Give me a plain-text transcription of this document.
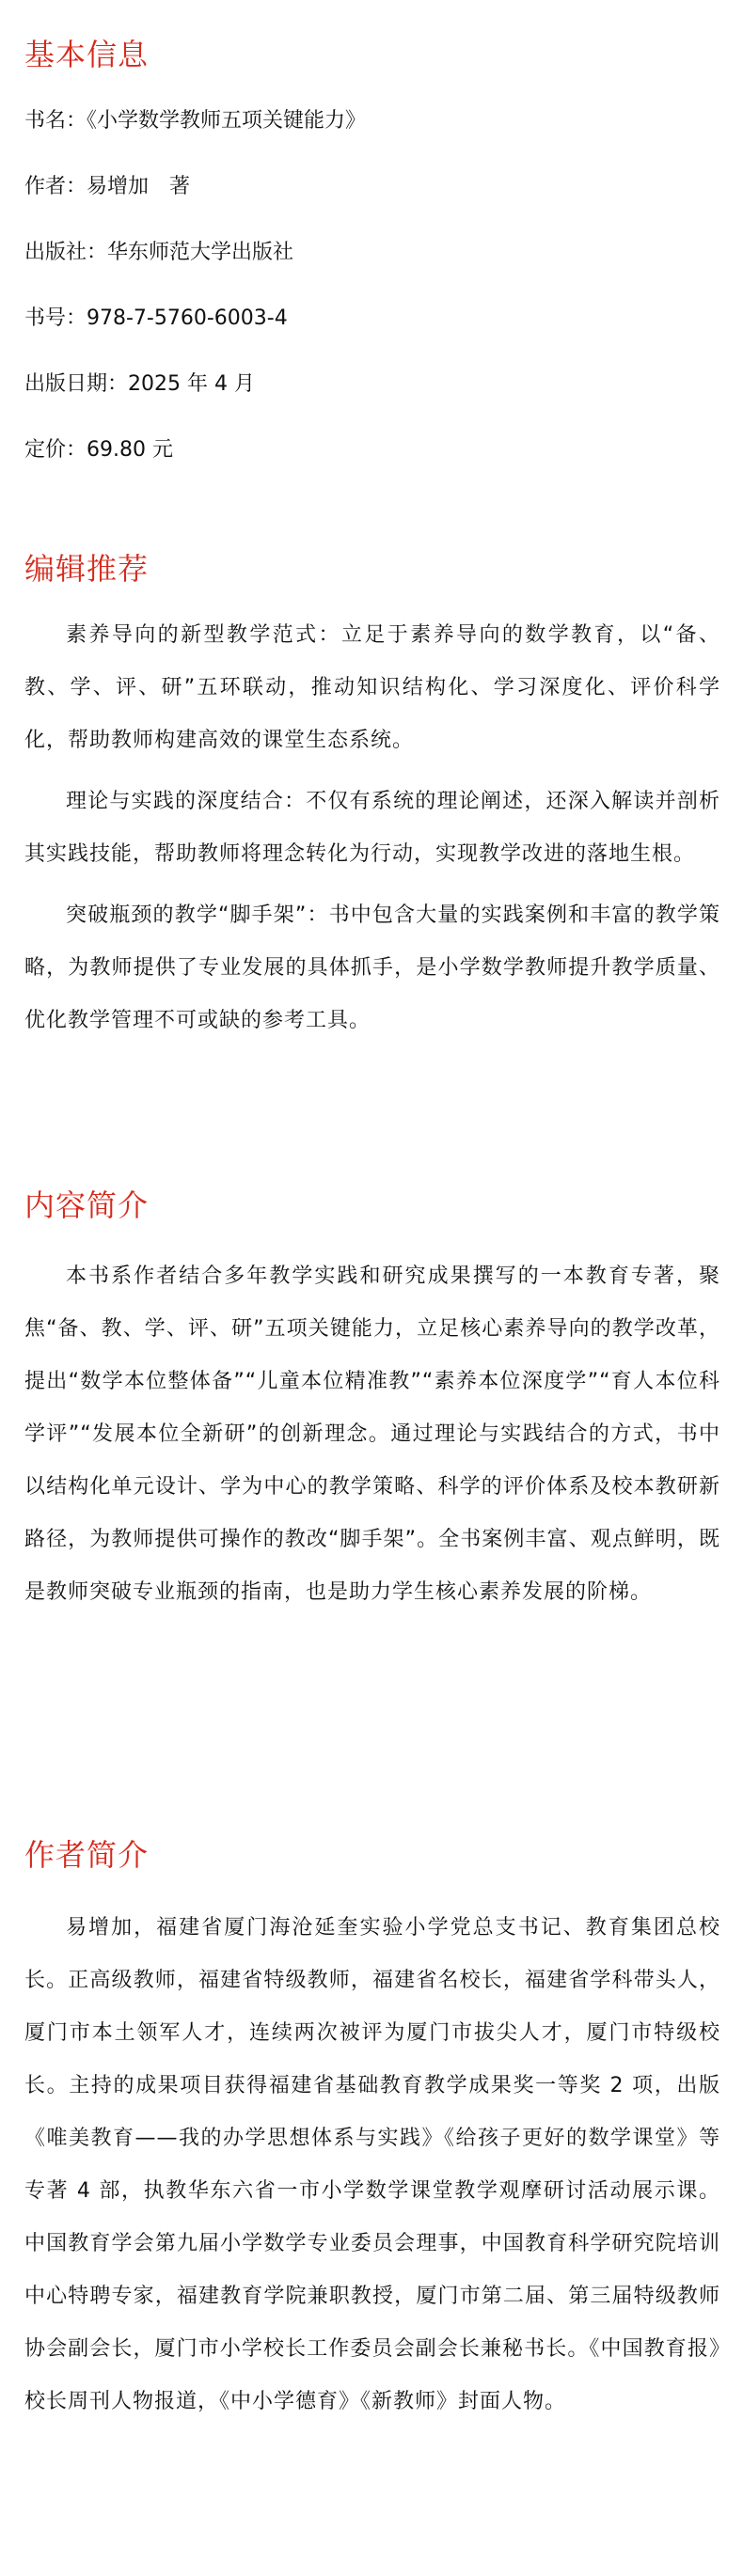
基本信息

书名：《小学数学教师五项关键能力》

作者：易增加　著

出版社：华东师范大学出版社

书号：978-7-5760-6003-4

出版日期：2025 年 4 月

定价：69.80 元

编辑推荐

素养导向的新型教学范式：立足于素养导向的数学教育，以“备、教、学、评、研”五环联动，推动知识结构化、学习深度化、评价科学化，帮助教师构建高效的课堂生态系统。

理论与实践的深度结合：不仅有系统的理论阐述，还深入解读并剖析其实践技能，帮助教师将理念转化为行动，实现教学改进的落地生根。

突破瓶颈的教学“脚手架”：书中包含大量的实践案例和丰富的教学策略，为教师提供了专业发展的具体抓手，是小学数学教师提升教学质量、优化教学管理不可或缺的参考工具。

内容简介

本书系作者结合多年教学实践和研究成果撰写的一本教育专著，聚焦“备、教、学、评、研”五项关键能力，立足核心素养导向的教学改革，提出“数学本位整体备”“儿童本位精准教”“素养本位深度学”“育人本位科学评”“发展本位全新研”的创新理念。通过理论与实践结合的方式，书中以结构化单元设计、学为中心的教学策略、科学的评价体系及校本教研新路径，为教师提供可操作的教改“脚手架”。全书案例丰富、观点鲜明，既是教师突破专业瓶颈的指南，也是助力学生核心素养发展的阶梯。

作者简介

易增加，福建省厦门海沧延奎实验小学党总支书记、教育集团总校长。正高级教师，福建省特级教师，福建省名校长，福建省学科带头人，厦门市本土领军人才，连续两次被评为厦门市拔尖人才，厦门市特级校长。主持的成果项目获得福建省基础教育教学成果奖一等奖 2 项，出版《唯美教育——我的办学思想体系与实践》《给孩子更好的数学课堂》等专著 4 部，执教华东六省一市小学数学课堂教学观摩研讨活动展示课。中国教育学会第九届小学数学专业委员会理事，中国教育科学研究院培训中心特聘专家，福建教育学院兼职教授，厦门市第二届、第三届特级教师协会副会长，厦门市小学校长工作委员会副会长兼秘书长。《中国教育报》校长周刊人物报道，《中小学德育》《新教师》封面人物。
